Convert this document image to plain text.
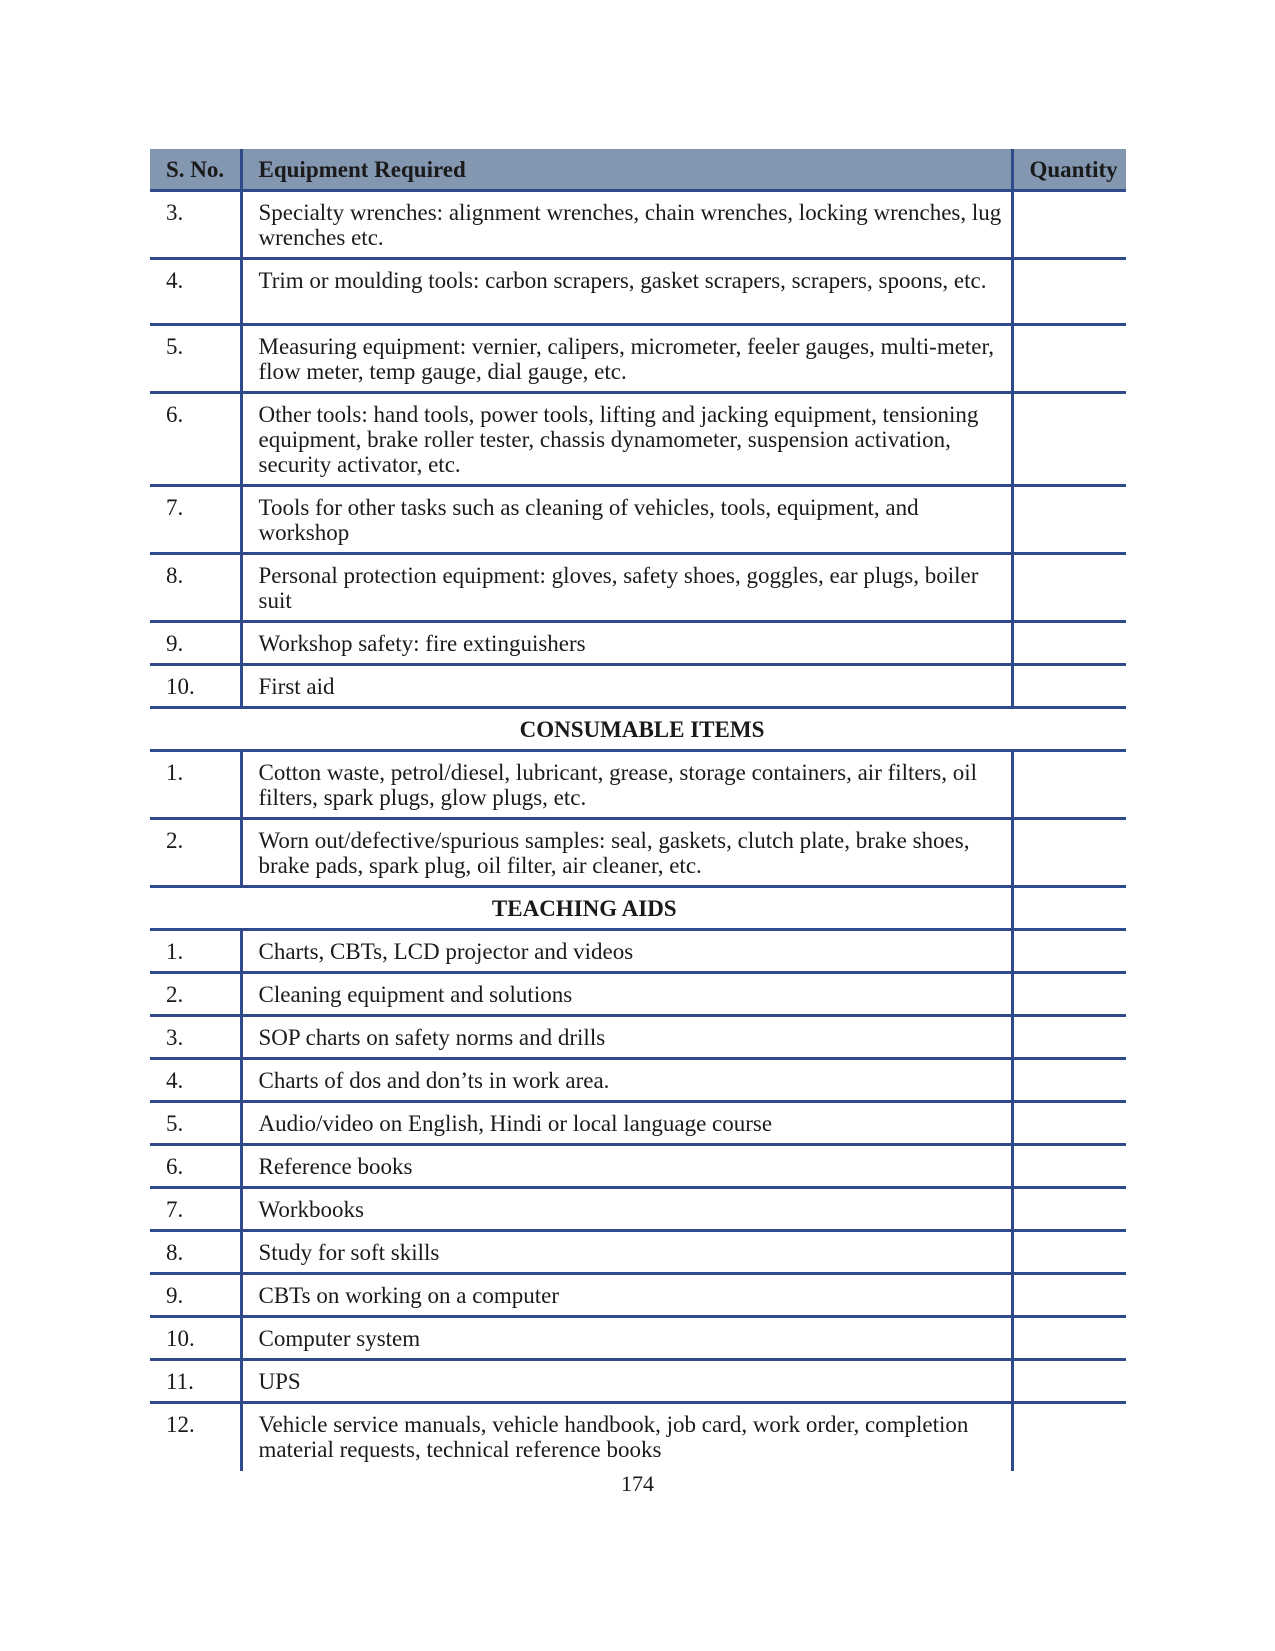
S. No.	Equipment Required	Quantity
3.	Specialty wrenches: alignment wrenches, chain wrenches, locking wrenches, lug wrenches etc.	
4.	Trim or moulding tools: carbon scrapers, gasket scrapers, scrapers, spoons, etc.	
5.	Measuring equipment: vernier, calipers, micrometer, feeler gauges, multi-meter, flow meter, temp gauge, dial gauge, etc.	
6.	Other tools: hand tools, power tools, lifting and jacking equipment, tensioning equipment, brake roller tester, chassis dynamometer, suspension activation, security activator, etc.	
7.	Tools for other tasks such as cleaning of vehicles, tools, equipment, and workshop	
8.	Personal protection equipment: gloves, safety shoes, goggles, ear plugs, boiler suit	
9.	Workshop safety: fire extinguishers	
10.	First aid	
CONSUMABLE ITEMS		
1.	Cotton waste, petrol/diesel, lubricant, grease, storage containers, air filters, oil filters, spark plugs, glow plugs, etc.	
2.	Worn out/defective/spurious samples: seal, gaskets, clutch plate, brake shoes, brake pads, spark plug, oil filter, air cleaner, etc.	
TEACHING AIDS		
1.	Charts, CBTs, LCD projector and videos	
2.	Cleaning equipment and solutions	
3.	SOP charts on safety norms and drills	
4.	Charts of dos and don’ts in work area.	
5.	Audio/video on English, Hindi or local language course	
6.	Reference books	
7.	Workbooks	
8.	Study for soft skills	
9.	CBTs on working on a computer	
10.	Computer system	
11.	UPS	
12.	Vehicle service manuals, vehicle handbook, job card, work order, completion material requests, technical reference books	
174
